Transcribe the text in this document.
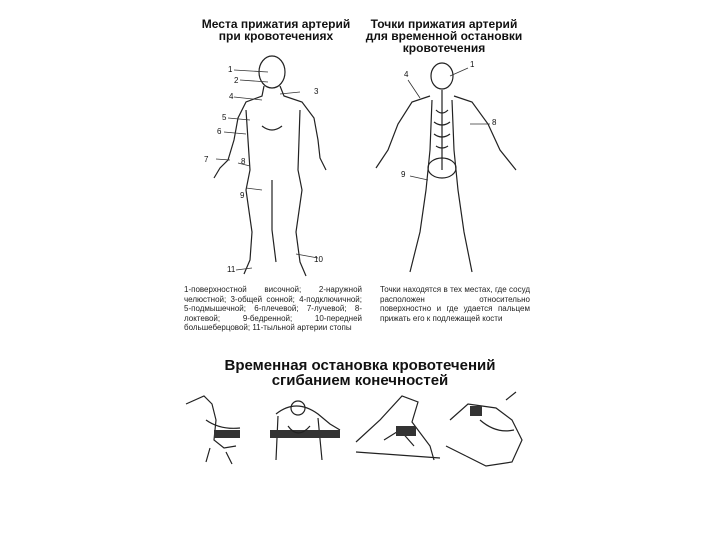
Места прижатия артерий
при кровотечениях
Точки прижатия артерий
для временной остановки
кровотечения
1
2
3
4
5
6
7	8
9
10
11
1
4
8
9
1-поверхностной височной; 2-наружной челюстной; 3-общей сонной; 4-подключичной; 5-подмышечной; 6-плечевой; 7-лучевой; 8-локтевой; 9-бедренной; 10-передней большеберцовой; 11-тыльной артерии стопы
Точки находятся в тех местах, где сосуд расположен относительно поверхностно и где удается пальцем прижать его к подлежащей кости
Временная остановка кровотечений
сгибанием конечностей
